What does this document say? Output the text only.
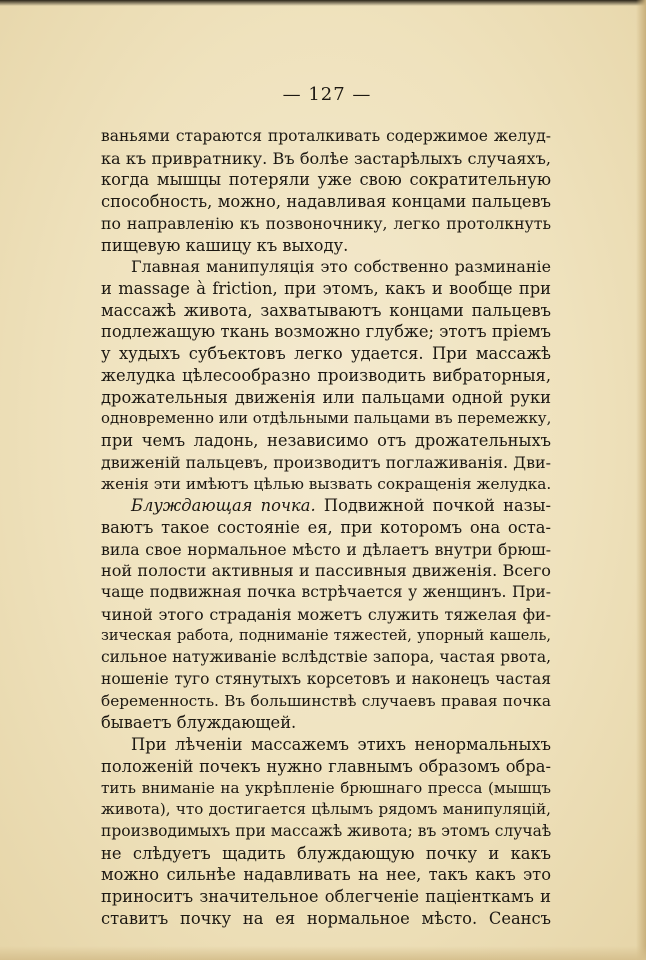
— 127 —
ваньями стараются проталкивать содержимое желуд-
ка къ привратнику. Въ болѣе застарѣлыхъ случаяхъ,
когда мышцы потеряли уже свою сократительную
способность, можно, надавливая концами пальцевъ
по направленію къ позвоночнику, легко протолкнуть
пищевую кашицу къ выходу.
Главная манипуляція это собственно разминаніе
и massage à friction, при этомъ, какъ и вообще при
массажѣ живота, захватываютъ концами пальцевъ
подлежащую ткань возможно глубже; этотъ пріемъ
у худыхъ субъектовъ легко удается. При массажѣ
желудка цѣлесообразно производить вибраторныя,
дрожательныя движенія или пальцами одной руки
одновременно или отдѣльными пальцами въ перемежку,
при чемъ ладонь, независимо отъ дрожательныхъ
движеній пальцевъ, производитъ поглаживанія. Дви-
женія эти имѣютъ цѣлью вызвать сокращенія желудка.
Блуждающая почка. Подвижной почкой назы-
ваютъ такое состояніе ея, при которомъ она оста-
вила свое нормальное мѣсто и дѣлаетъ внутри брюш-
ной полости активныя и пассивныя движенія. Всего
чаще подвижная почка встрѣчается у женщинъ. При-
чиной этого страданія можетъ служить тяжелая фи-
зическая работа, подниманіе тяжестей, упорный кашель,
сильное натуживаніе вслѣдствіе запора, частая рвота,
ношеніе туго стянутыхъ корсетовъ и наконецъ частая
беременность. Въ большинствѣ случаевъ правая почка
бываетъ блуждающей.
При лѣченіи массажемъ этихъ ненормальныхъ
положеній почекъ нужно главнымъ образомъ обра-
тить вниманіе на укрѣпленіе брюшнаго пресса (мышцъ
живота), что достигается цѣлымъ рядомъ манипуляцій,
производимыхъ при массажѣ живота; въ этомъ случаѣ
не слѣдуетъ щадить блуждающую почку и какъ
можно сильнѣе надавливать на нее, такъ какъ это
приноситъ значительное облегченіе паціенткамъ и
ставитъ почку на ея нормальное мѣсто. Сеансъ
